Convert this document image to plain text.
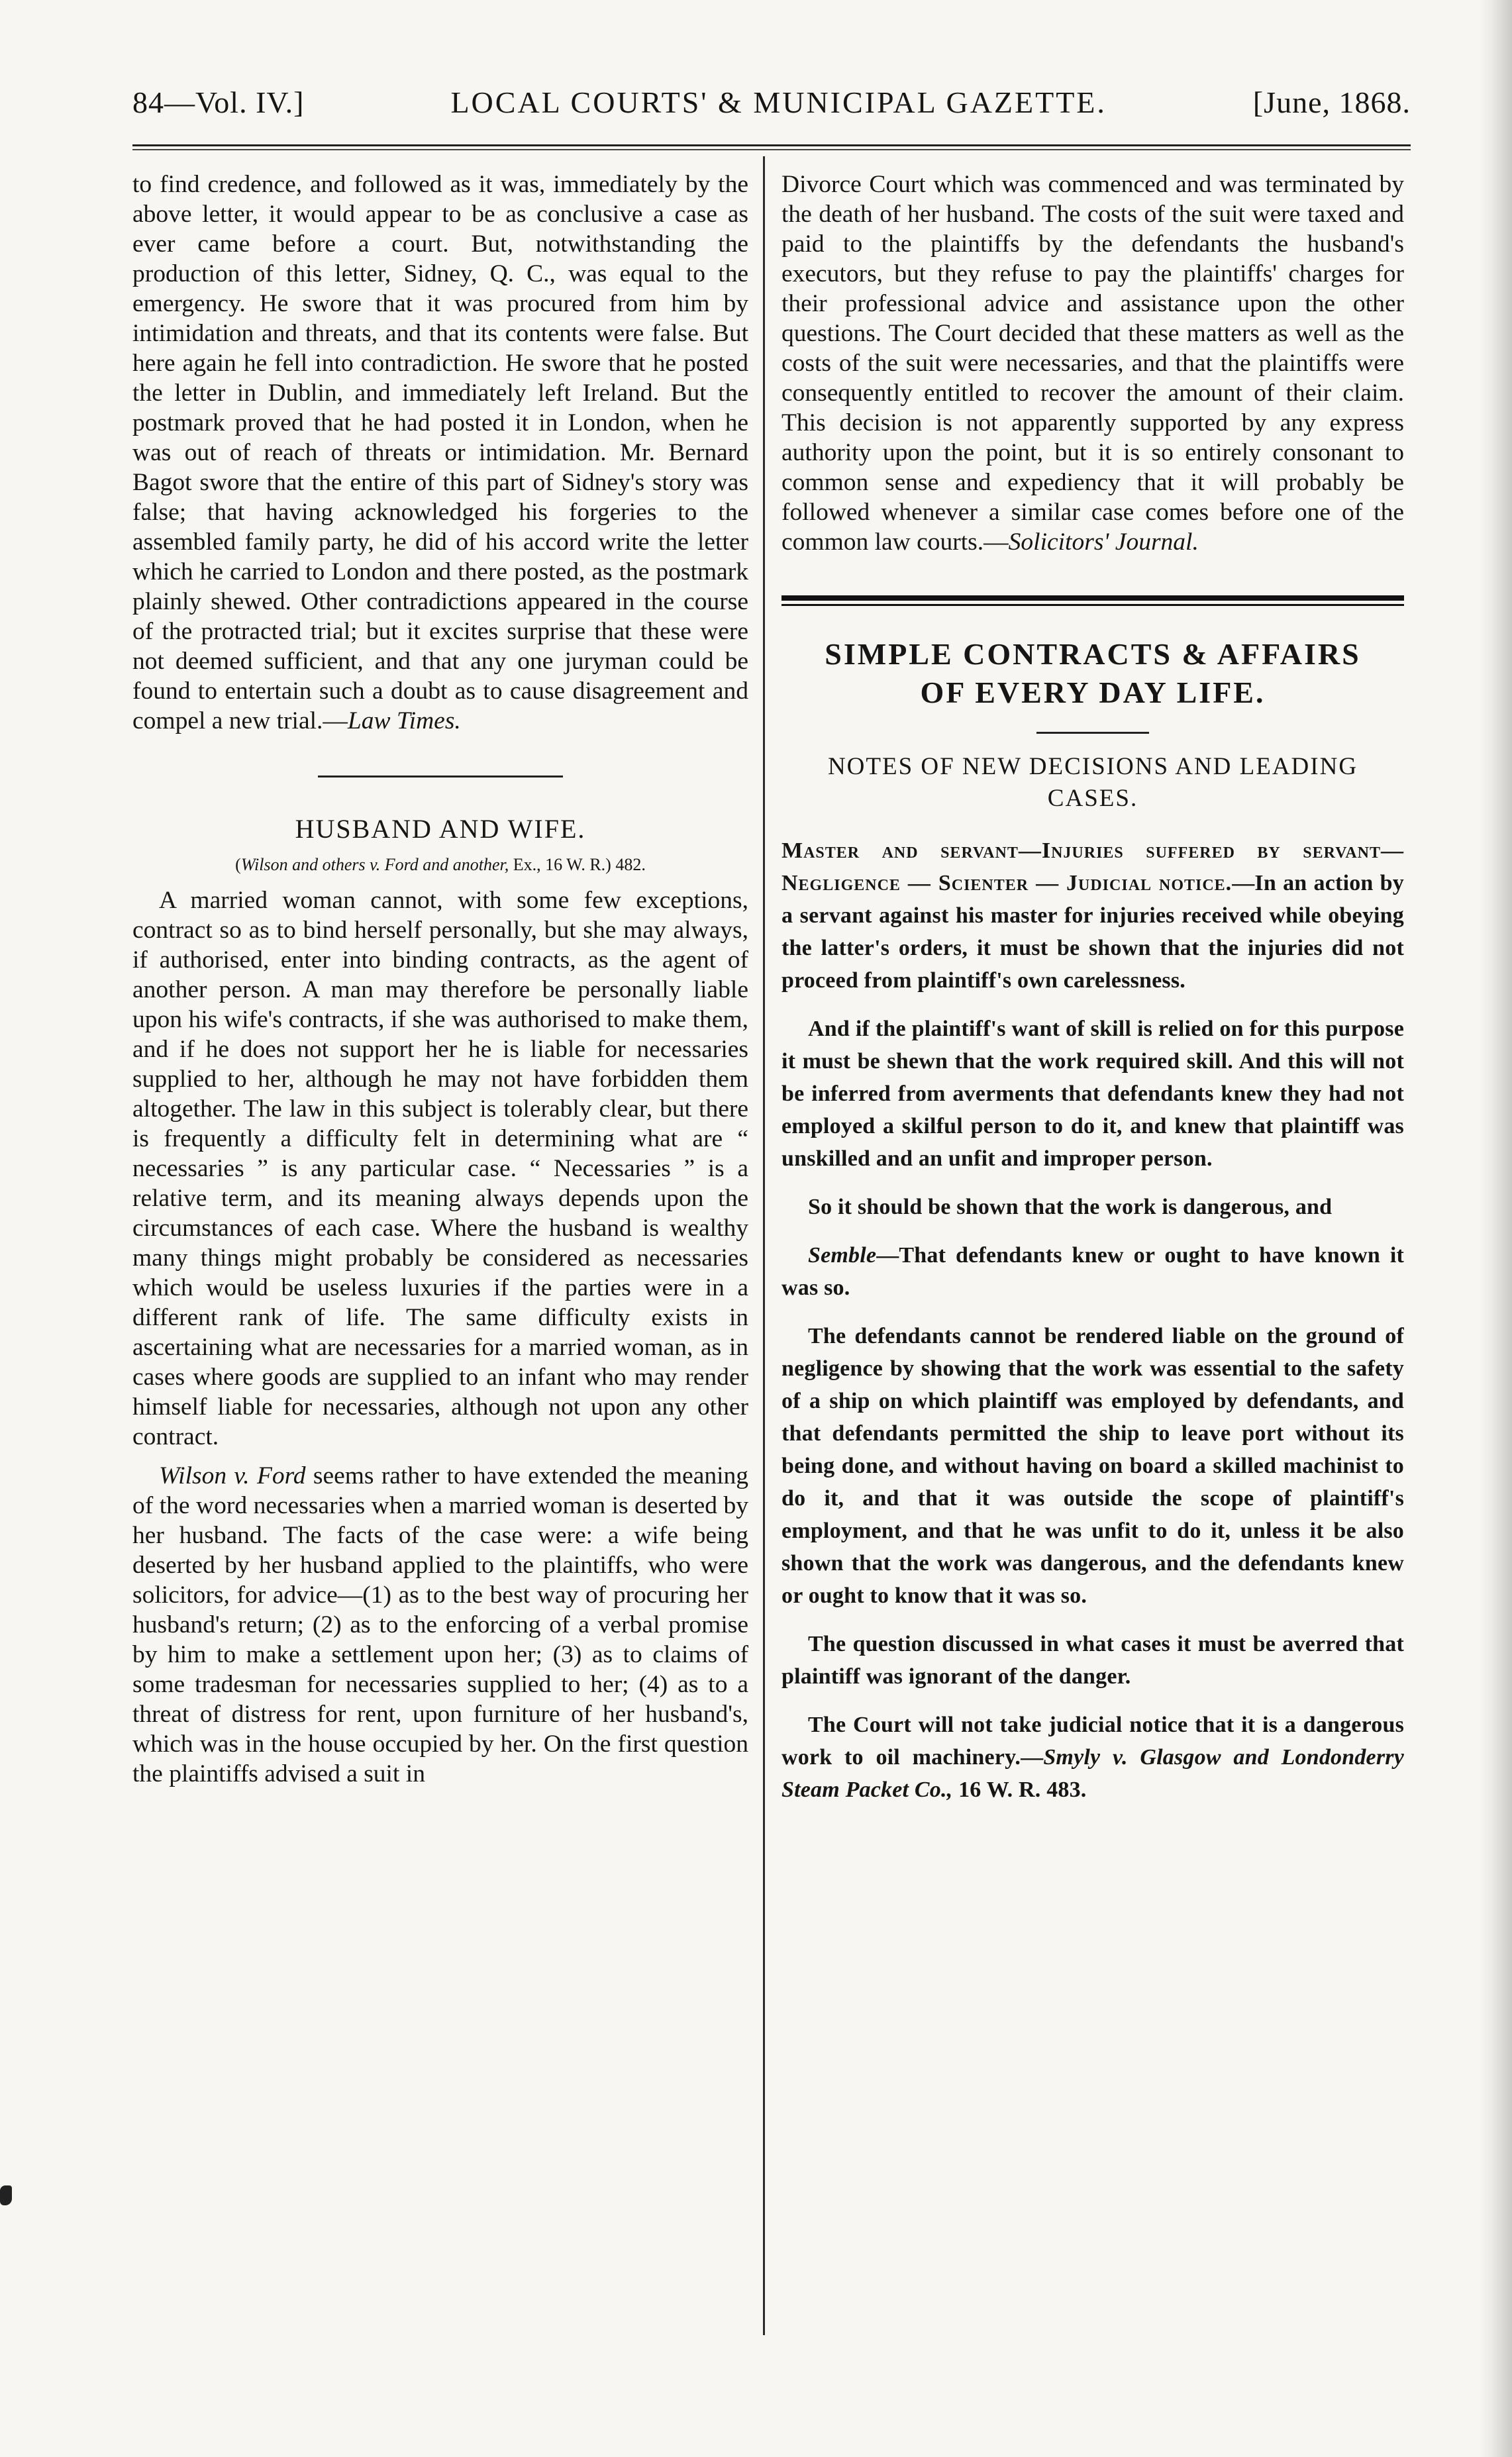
84—Vol. IV.]	LOCAL COURTS' & MUNICIPAL GAZETTE.	[June, 1868.

to find credence, and followed as it was, immediately by the above letter, it would appear to be as conclusive a case as ever came before a court. But, notwithstanding the production of this letter, Sidney, Q. C., was equal to the emergency. He swore that it was procured from him by intimidation and threats, and that its contents were false. But here again he fell into contradiction. He swore that he posted the letter in Dublin, and immediately left Ireland. But the postmark proved that he had posted it in London, when he was out of reach of threats or intimidation. Mr. Bernard Bagot swore that the entire of this part of Sidney's story was false; that having acknowledged his forgeries to the assembled family party, he did of his accord write the letter which he carried to London and there posted, as the postmark plainly shewed. Other contradictions appeared in the course of the protracted trial; but it excites surprise that these were not deemed sufficient, and that any one juryman could be found to entertain such a doubt as to cause disagreement and compel a new trial.—Law Times.

HUSBAND AND WIFE.
(Wilson and others v. Ford and another, Ex., 16 W. R.) 482.

A married woman cannot, with some few exceptions, contract so as to bind herself personally, but she may always, if authorised, enter into binding contracts, as the agent of another person. A man may therefore be personally liable upon his wife's contracts, if she was authorised to make them, and if he does not support her he is liable for necessaries supplied to her, although he may not have forbidden them altogether. The law in this subject is tolerably clear, but there is frequently a difficulty felt in determining what are “ necessaries ” is any particular case. “ Necessaries ” is a relative term, and its meaning always depends upon the circumstances of each case. Where the husband is wealthy many things might probably be considered as necessaries which would be useless luxuries if the parties were in a different rank of life. The same difficulty exists in ascertaining what are necessaries for a married woman, as in cases where goods are supplied to an infant who may render himself liable for necessaries, although not upon any other contract.

Wilson v. Ford seems rather to have extended the meaning of the word necessaries when a married woman is deserted by her husband. The facts of the case were: a wife being deserted by her husband applied to the plaintiffs, who were solicitors, for advice—(1) as to the best way of procuring her husband's return; (2) as to the enforcing of a verbal promise by him to make a settlement upon her; (3) as to claims of some tradesman for necessaries supplied to her; (4) as to a threat of distress for rent, upon furniture of her husband's, which was in the house occupied by her. On the first question the plaintiffs advised a suit in

Divorce Court which was commenced and was terminated by the death of her husband. The costs of the suit were taxed and paid to the plaintiffs by the defendants the husband's executors, but they refuse to pay the plaintiffs' charges for their professional advice and assistance upon the other questions. The Court decided that these matters as well as the costs of the suit were necessaries, and that the plaintiffs were consequently entitled to recover the amount of their claim. This decision is not apparently supported by any express authority upon the point, but it is so entirely consonant to common sense and expediency that it will probably be followed whenever a similar case comes before one of the common law courts.—Solicitors' Journal.

SIMPLE CONTRACTS & AFFAIRS
OF EVERY DAY LIFE.
NOTES OF NEW DECISIONS AND LEADING
CASES.

Master and servant—Injuries suffered by servant— Negligence — Scienter — Judicial notice.—In an action by a servant against his master for injuries received while obeying the latter's orders, it must be shown that the injuries did not proceed from plaintiff's own carelessness.

And if the plaintiff's want of skill is relied on for this purpose it must be shewn that the work required skill. And this will not be inferred from averments that defendants knew they had not employed a skilful person to do it, and knew that plaintiff was unskilled and an unfit and improper person.

So it should be shown that the work is dangerous, and

Semble—That defendants knew or ought to have known it was so.

The defendants cannot be rendered liable on the ground of negligence by showing that the work was essential to the safety of a ship on which plaintiff was employed by defendants, and that defendants permitted the ship to leave port without its being done, and without having on board a skilled machinist to do it, and that it was outside the scope of plaintiff's employment, and that he was unfit to do it, unless it be also shown that the work was dangerous, and the defendants knew or ought to know that it was so.

The question discussed in what cases it must be averred that plaintiff was ignorant of the danger.

The Court will not take judicial notice that it is a dangerous work to oil machinery.—Smyly v. Glasgow and Londonderry Steam Packet Co., 16 W. R. 483.
